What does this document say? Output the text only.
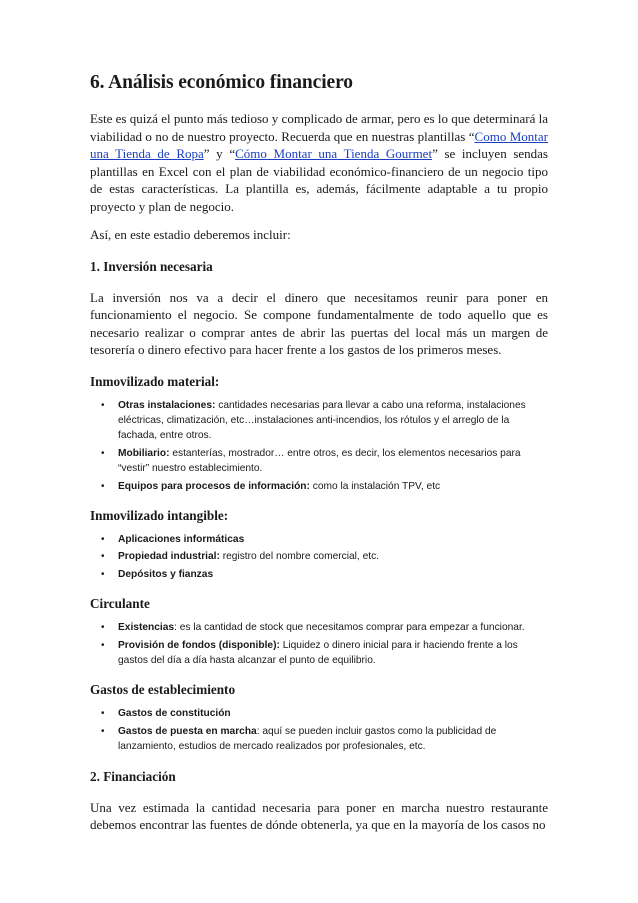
6. Análisis económico financiero

Este es quizá el punto más tedioso y complicado de armar, pero es lo que determinará la viabilidad o no de nuestro proyecto. Recuerda que en nuestras plantillas “Como Montar una Tienda de Ropa” y “Cómo Montar una Tienda Gourmet” se incluyen sendas plantillas en Excel con el plan de viabilidad económico-financiero de un negocio tipo de estas características. La plantilla es, además, fácilmente adaptable a tu propio proyecto y plan de negocio.

Así, en este estadio deberemos incluir:

1. Inversión necesaria

La inversión nos va a decir el dinero que necesitamos reunir para poner en funcionamiento el negocio. Se compone fundamentalmente de todo aquello que es necesario realizar o comprar antes de abrir las puertas del local más un margen de tesorería o dinero efectivo para hacer frente a los gastos de los primeros meses.

Inmovilizado material:
• Otras instalaciones: cantidades necesarias para llevar a cabo una reforma, instalaciones eléctricas, climatización, etc…instalaciones anti-incendios, los rótulos y el arreglo de la fachada, entre otros.
• Mobiliario: estanterías, mostrador… entre otros, es decir, los elementos necesarios para “vestir” nuestro establecimiento.
• Equipos para procesos de información: como la instalación TPV, etc
Inmovilizado intangible:
• Aplicaciones informáticas
• Propiedad industrial: registro del nombre comercial, etc.
• Depósitos y fianzas
Circulante
• Existencias: es la cantidad de stock que necesitamos comprar para empezar a funcionar.
• Provisión de fondos (disponible): Liquidez o dinero inicial para ir haciendo frente a los gastos del día a día hasta alcanzar el punto de equilibrio.
Gastos de establecimiento
• Gastos de constitución
• Gastos de puesta en marcha: aquí se pueden incluir gastos como la publicidad de lanzamiento, estudios de mercado realizados por profesionales, etc.
2. Financiación

Una vez estimada la cantidad necesaria para poner en marcha nuestro restaurante debemos encontrar las fuentes de dónde obtenerla, ya que en la mayoría de los casos no
